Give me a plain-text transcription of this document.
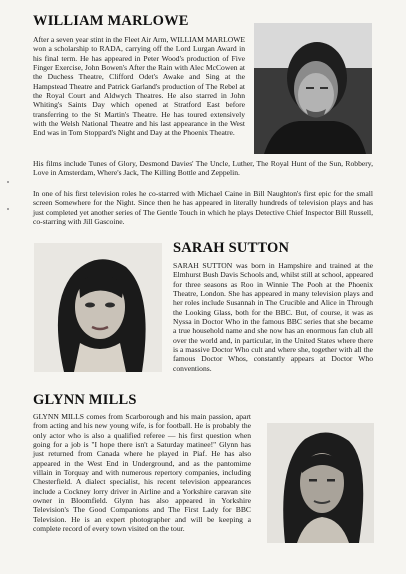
WILLIAM MARLOWE

After a seven year stint in the Fleet Air Arm, WILLIAM MARLOWE won a scholarship to RADA, carrying off the Lord Lurgan Award in his final term. He has appeared in Peter Wood's production of Five Finger Exercise, John Bowen's After the Rain with Alec McCowen at the Duchess Theatre, Clifford Odet's Awake and Sing at the Hampstead Theatre and Patrick Garland's production of The Rebel at the Royal Court and Aldwych Theatres. He also starred in John Whiting's Saints Day which opened at Stratford East before transferring to the St Martin's Theatre. He has toured extensively with the Welsh National Theatre and his last appearance in the West End was in Tom Stoppard's Night and Day at the Phoenix Theatre.

His films include Tunes of Glory, Desmond Davies' The Uncle, Luther, The Royal Hunt of the Sun, Robbery, Love in Amsterdam, Where's Jack, The Killing Bottle and Zeppelin.

In one of his first television roles he co-starred with Michael Caine in Bill Naughton's first epic for the small screen Somewhere for the Night. Since then he has appeared in literally hundreds of television plays and has just completed yet another series of The Gentle Touch in which he plays Detective Chief Inspector Bill Russell, co-starring with Jill Gascoine.

SARAH SUTTON

SARAH SUTTON was born in Hampshire and trained at the Elmhurst Bush Davis Schools and, whilst still at school, appeared for three seasons as Roo in Winnie The Pooh at the Phoenix Theatre, London. She has appeared in many television plays and her roles include Susannah in The Crucible and Alice in Through the Looking Glass, both for the BBC. But, of course, it was as Nyssa in Doctor Who in the famous BBC series that she became a true household name and she now has an enormous fan club all over the world and, in particular, in the United States where there is a massive Doctor Who cult and where she, together with all the famous Doctor Whos, constantly appears at Doctor Who conventions.

GLYNN MILLS

GLYNN MILLS comes from Scarborough and his main passion, apart from acting and his new young wife, is for football. He is probably the only actor who is also a qualified referee — his first question when going for a job is "I hope there isn't a Saturday matinee!" Glynn has just returned from Canada where he played in Piaf. He has also appeared in the West End in Underground, and as the pantomime villain in Torquay and with numerous repertory companies, including Chesterfield. A dialect specialist, his recent television appearances include a Cockney lorry driver in Airline and a Yorkshire caravan site owner in Bloomfield. Glynn has also appeared in Yorkshire Television's The Good Companions and The First Lady for BBC Television. He is an expert photographer and will be keeping a complete record of every town visited on the tour.
